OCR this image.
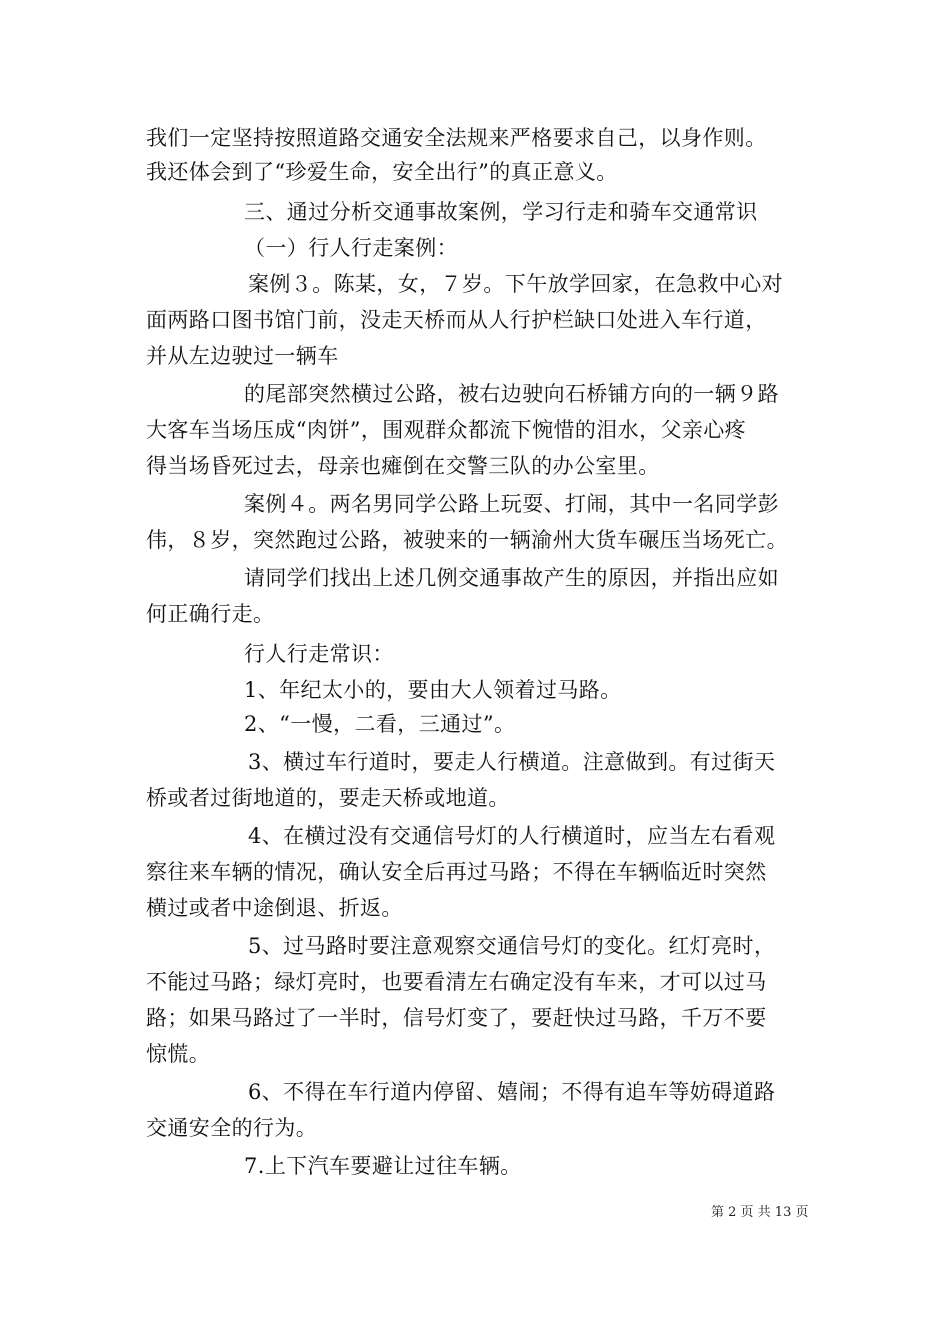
我们一定坚持按照道路交通安全法规来严格要求自己，以身作则。
我还体会到了“珍爱生命，安全出行”的真正意义。
三、通过分析交通事故案例，学习行走和骑车交通常识
（一）行人行走案例：
案例３。陈某，女，７岁。下午放学回家，在急救中心对
面两路口图书馆门前，没走天桥而从人行护栏缺口处进入车行道，
并从左边驶过一辆车
的尾部突然横过公路，被右边驶向石桥铺方向的一辆９路
大客车当场压成“肉饼”，围观群众都流下惋惜的泪水，父亲心疼
得当场昏死过去，母亲也瘫倒在交警三队的办公室里。
案例４。两名男同学公路上玩耍、打闹，其中一名同学彭
伟，８岁，突然跑过公路，被驶来的一辆渝州大货车碾压当场死亡。
请同学们找出上述几例交通事故产生的原因，并指出应如
何正确行走。
行人行走常识：
1、年纪太小的，要由大人领着过马路。
2、“一慢，二看，三通过”。
3、横过车行道时，要走人行横道。注意做到。有过街天
桥或者过街地道的，要走天桥或地道。
4、在横过没有交通信号灯的人行横道时，应当左右看观
察往来车辆的情况，确认安全后再过马路；不得在车辆临近时突然
横过或者中途倒退、折返。
5、过马路时要注意观察交通信号灯的变化。红灯亮时，
不能过马路；绿灯亮时，也要看清左右确定没有车来，才可以过马
路；如果马路过了一半时，信号灯变了，要赶快过马路，千万不要
惊慌。
6、不得在车行道内停留、嬉闹；不得有追车等妨碍道路
交通安全的行为。
7.上下汽车要避让过往车辆。
第 2 页 共 13 页
